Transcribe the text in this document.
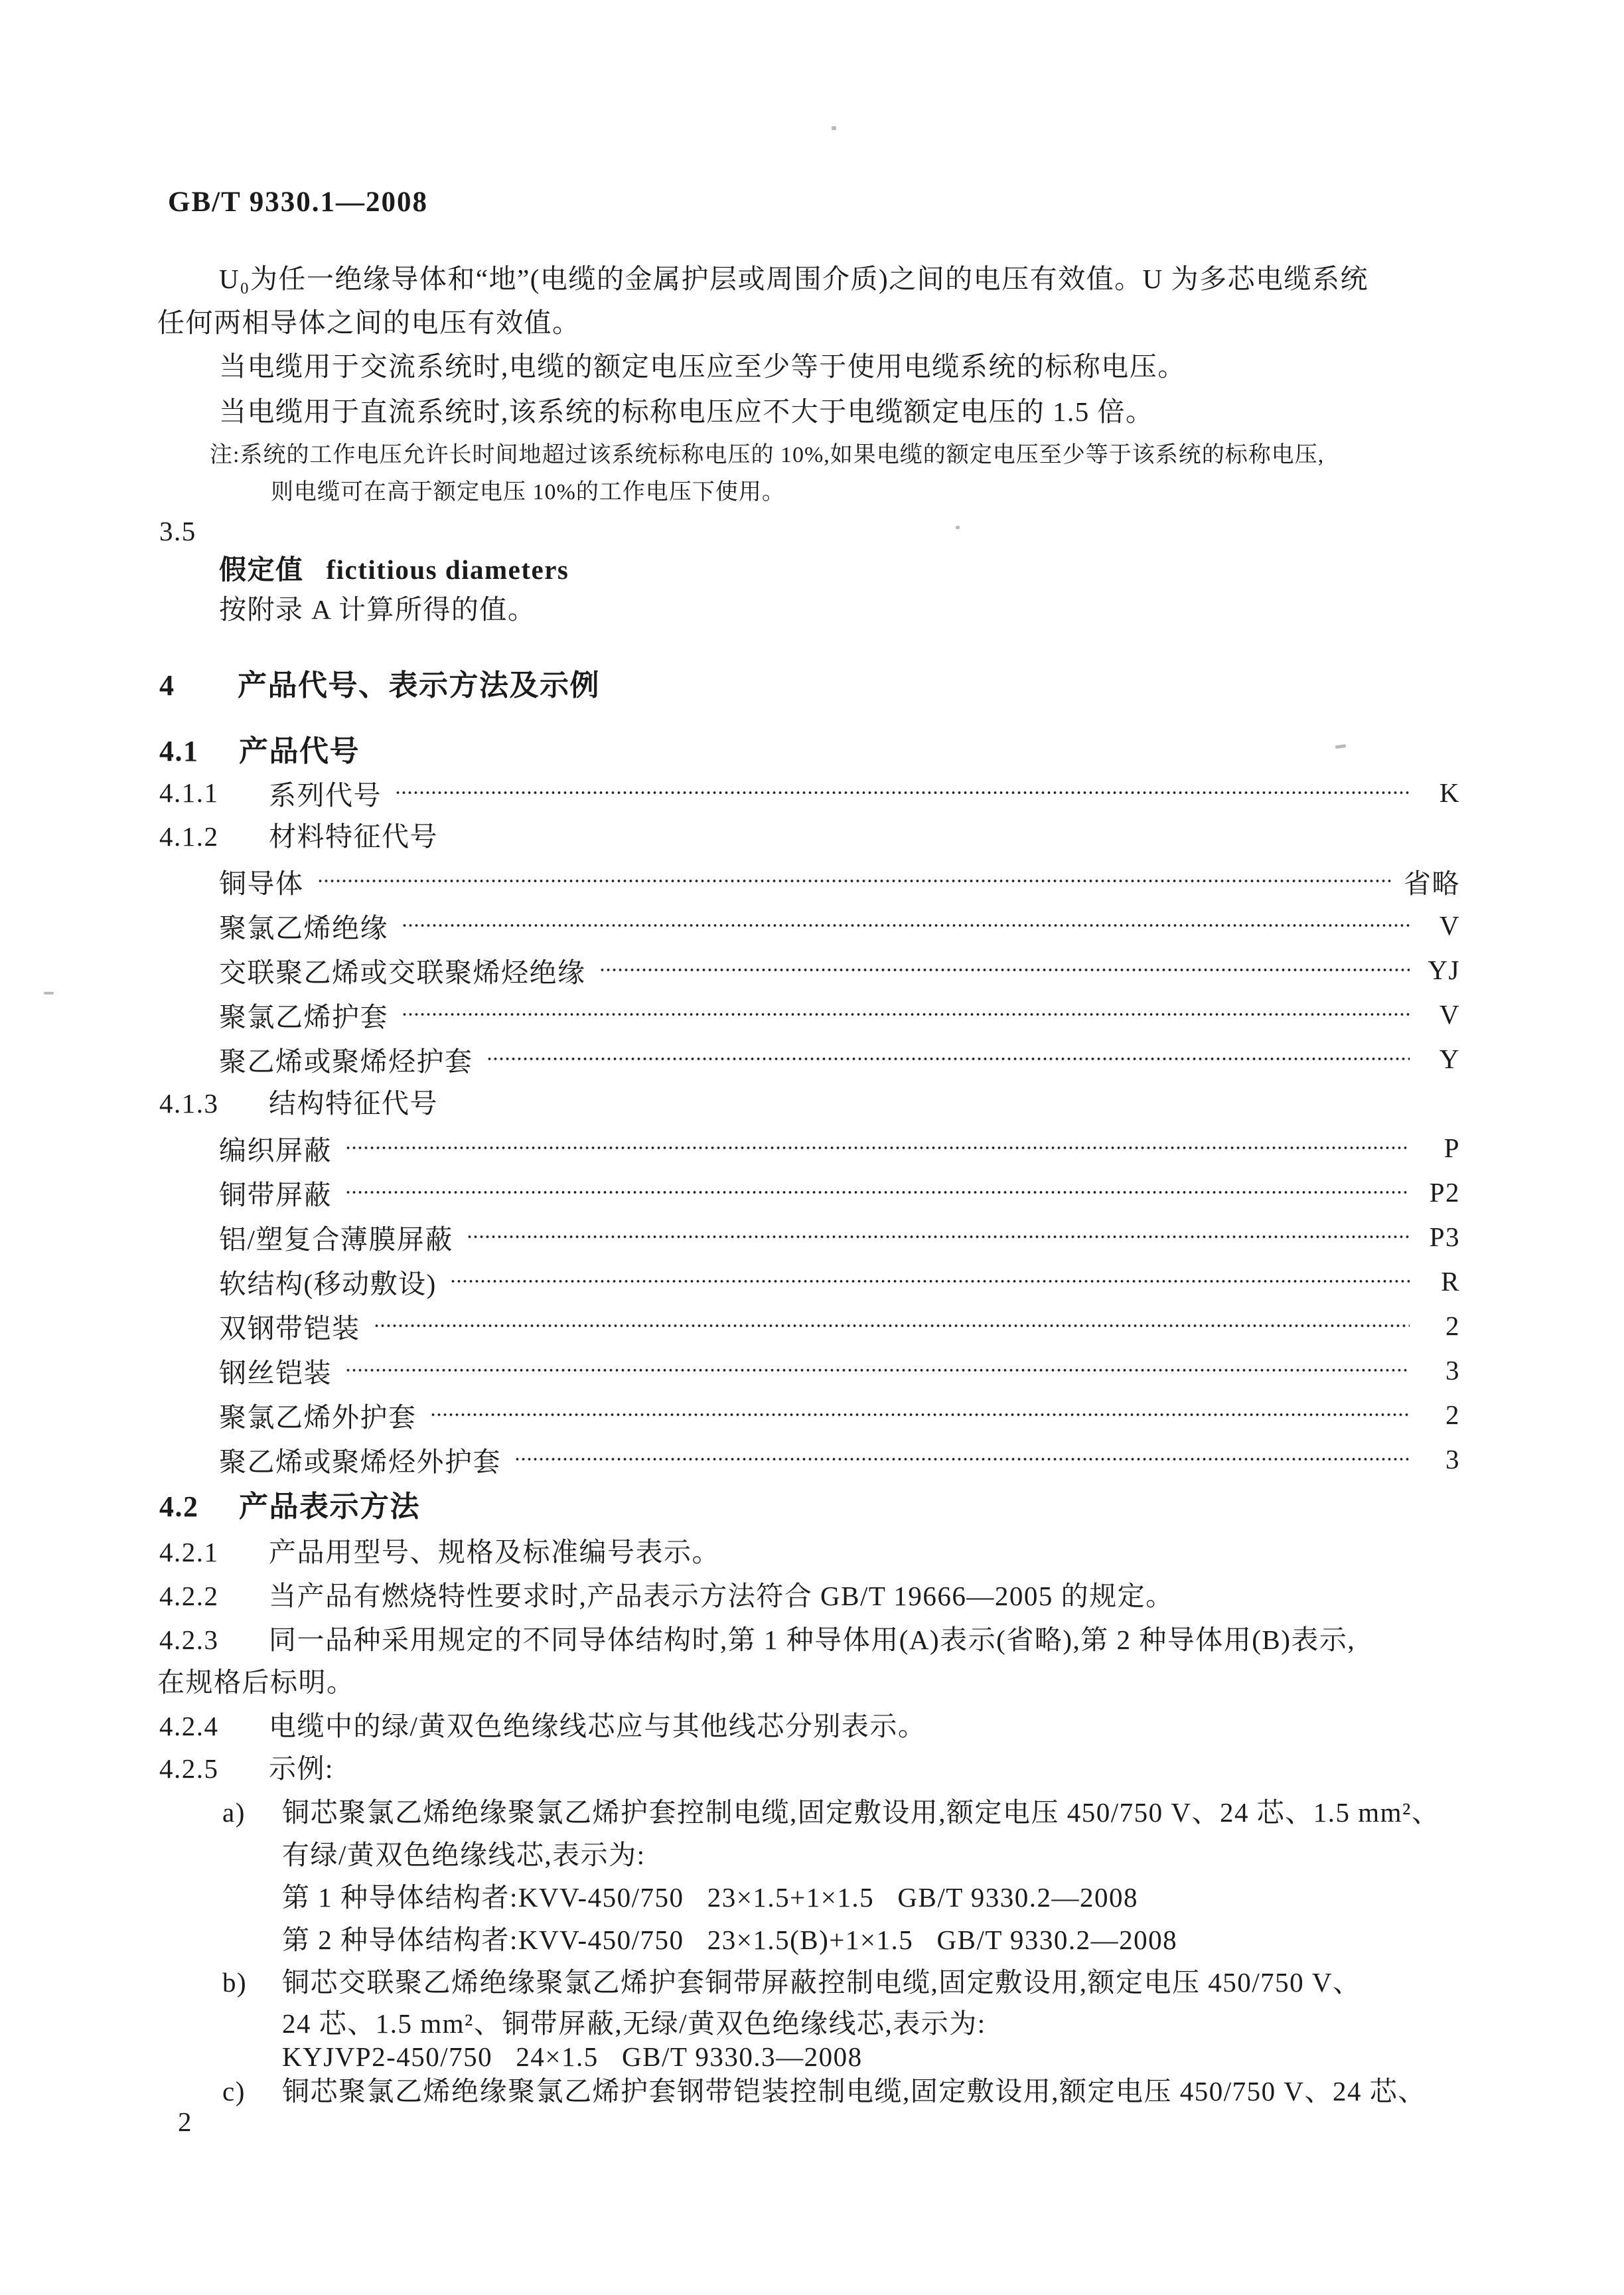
GB/T 9330.1—2008
U₀为任一绝缘导体和“地”(电缆的金属护层或周围介质)之间的电压有效值。U 为多芯电缆系统
任何两相导体之间的电压有效值。
当电缆用于交流系统时,电缆的额定电压应至少等于使用电缆系统的标称电压。
当电缆用于直流系统时,该系统的标称电压应不大于电缆额定电压的 1.5 倍。
注:系统的工作电压允许长时间地超过该系统标称电压的 10%,如果电缆的额定电压至少等于该系统的标称电压,
则电缆可在高于额定电压 10%的工作电压下使用。
3.5
假定值 fictitious diameters
按附录 A 计算所得的值。
4 产品代号、表示方法及示例
4.1 产品代号
4.1.1	系列代号	K
4.1.2 材料特征代号
铜导体	省略
聚氯乙烯绝缘	V
交联聚乙烯或交联聚烯烃绝缘	YJ
聚氯乙烯护套	V
聚乙烯或聚烯烃护套	Y
4.1.3 结构特征代号
编织屏蔽	P
铜带屏蔽	P2
铝/塑复合薄膜屏蔽	P3
软结构(移动敷设)	R
双钢带铠装	2
钢丝铠装	3
聚氯乙烯外护套	2
聚乙烯或聚烯烃外护套	3
4.2 产品表示方法
4.2.1 产品用型号、规格及标准编号表示。
4.2.2 当产品有燃烧特性要求时,产品表示方法符合 GB/T 19666—2005 的规定。
4.2.3 同一品种采用规定的不同导体结构时,第 1 种导体用(A)表示(省略),第 2 种导体用(B)表示,
在规格后标明。
4.2.4 电缆中的绿/黄双色绝缘线芯应与其他线芯分别表示。
4.2.5 示例:
a) 铜芯聚氯乙烯绝缘聚氯乙烯护套控制电缆,固定敷设用,额定电压 450/750 V、24 芯、1.5 mm²、
有绿/黄双色绝缘线芯,表示为:
第 1 种导体结构者:KVV-450/750   23×1.5+1×1.5   GB/T 9330.2—2008
第 2 种导体结构者:KVV-450/750   23×1.5(B)+1×1.5   GB/T 9330.2—2008
b) 铜芯交联聚乙烯绝缘聚氯乙烯护套铜带屏蔽控制电缆,固定敷设用,额定电压 450/750 V、
24 芯、1.5 mm²、铜带屏蔽,无绿/黄双色绝缘线芯,表示为:
KYJVP2-450/750   24×1.5   GB/T 9330.3—2008
c) 铜芯聚氯乙烯绝缘聚氯乙烯护套钢带铠装控制电缆,固定敷设用,额定电压 450/750 V、24 芯、
2
